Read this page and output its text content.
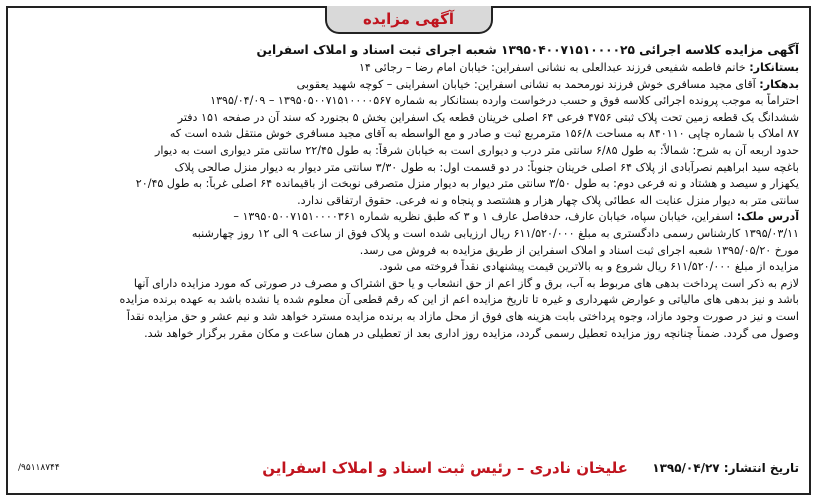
آگهی مزایده
آگهی مزایده کلاسه اجرائی ۱۳۹۵۰۴۰۰۷۱۵۱۰۰۰۰۲۵ شعبه اجرای ثبت اسناد و املاک اسفراین
بستانکار: خانم فاطمه شفیعی فرزند عبدالعلی به نشانی اسفراین: خیابان امام رضا – رجائی ۱۴
بدهکار: آقای مجید مسافری خوش فرزند نورمحمد به نشانی اسفراین: خیابان اسفراینی – کوچه شهید یعقوبی
احتراماً به موجب پرونده اجرائی کلاسه فوق و حسب درخواست وارده بستانکار به شماره ۱۳۹۵۰۵۰۰۷۱۵۱۰۰۰۰۵۶۷ – ۱۳۹۵/۰۴/۰۹
ششدانگ یک قطعه زمین تحت پلاک ثبتی ۴۷۵۶ فرعی ۶۴ اصلی خرینان قطعه یک اسفراین بخش ۵ بجنورد که سند آن در صفحه ۱۵۱ دفتر
۸۷ املاک با شماره چاپی ۸۴۰۱۱۰ به مساحت ۱۵۶/۸ مترمربع ثبت و صادر و مع الواسطه به آقای مجید مسافری خوش منتقل شده است که
حدود اربعه آن به شرح: شمالاً: به طول ۶/۸۵ سانتی متر درب و دیواری است به خیابان شرقاً: به طول ۲۲/۴۵ سانتی متر دیواری است به دیوار
باغچه سید ابراهیم نصرآبادی از پلاک ۶۴ اصلی خرینان جنوباً: در دو قسمت اول: به طول ۳/۳۰ سانتی متر دیوار به دیوار منزل صالحی پلاک
یکهزار و سیصد و هشتاد و نه فرعی دوم: به طول ۳/۵۰ سانتی متر دیوار به دیوار منزل متصرفی نوبخت از باقیمانده ۶۴ اصلی غرباً: به طول ۲۰/۴۵
سانتی متر به دیوار منزل عنایت اله عطائی پلاک چهار هزار و هشتصد و پنجاه و نه فرعی. حقوق ارتفاقی ندارد.
آدرس ملک: اسفراین، خیابان سپاه، خیابان عارف، حدفاصل عارف ۱ و ۳ که طبق نظریه شماره ۱۳۹۵۰۵۰۰۷۱۵۱۰۰۰۰۳۶۱ –
۱۳۹۵/۰۳/۱۱ کارشناس رسمی دادگستری به مبلغ ۶۱۱/۵۲۰/۰۰۰ ریال ارزیابی شده است و پلاک فوق از ساعت ۹ الی ۱۲ روز چهارشنبه
مورخ ۱۳۹۵/۰۵/۲۰ شعبه اجرای ثبت اسناد و املاک اسفراین از طریق مزایده به فروش می رسد.
مزایده از مبلغ ۶۱۱/۵۲۰/۰۰۰ ریال شروع و به بالاترین قیمت پیشنهادی نقداً فروخته می شود.
لازم به ذکر است پرداخت بدهی های مربوط به آب، برق و گاز اعم از حق انشعاب و یا حق اشتراک و مصرف در صورتی که مورد مزایده دارای آنها
باشد و نیز بدهی های مالیاتی و عوارض شهرداری و غیره تا تاریخ مزایده اعم از این که رقم قطعی آن معلوم شده یا نشده باشد به عهده برنده مزایده
است و نیز در صورت وجود مازاد، وجوه پرداختی بابت هزینه های فوق از محل مازاد به برنده مزایده مسترد خواهد شد و نیم عشر و حق مزایده نقداً
وصول می گردد. ضمناً چنانچه روز مزایده تعطیل رسمی گردد، مزایده روز اداری بعد از تعطیلی در همان ساعت و مکان مقرر برگزار خواهد شد.
تاریخ انتشار: ۱۳۹۵/۰۴/۲۷
علیخان نادری – رئیس ثبت اسناد و املاک اسفراین
/۹۵۱۱۸۷۴۴
